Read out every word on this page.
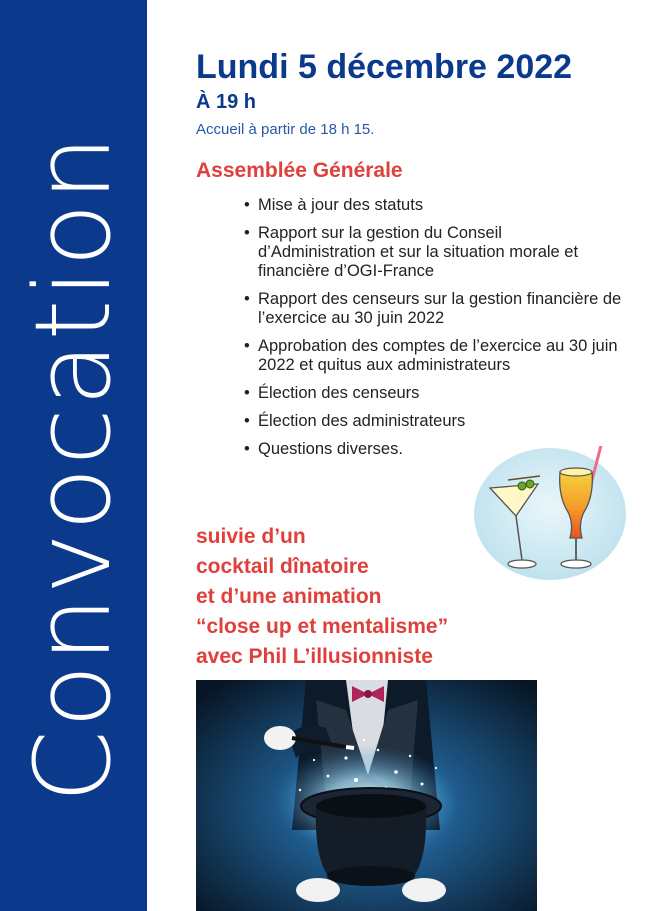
Convocation
Lundi 5 décembre 2022
À 19 h
Accueil à partir de 18 h 15.
Assemblée Générale
• Mise à jour des statuts
• Rapport sur la gestion du Conseil d’Administration et sur la situation morale et financière d’OGI-France
• Rapport des censeurs sur la gestion financière de l’exercice au 30 juin 2022
• Approbation des comptes de l’exercice au 30 juin 2022 et quitus aux administrateurs
• Élection des censeurs
• Élection des administrateurs
• Questions diverses.
suivie d’un
cocktail dînatoire
et d’une animation
“close up et mentalisme”
avec Phil L’illusionniste
